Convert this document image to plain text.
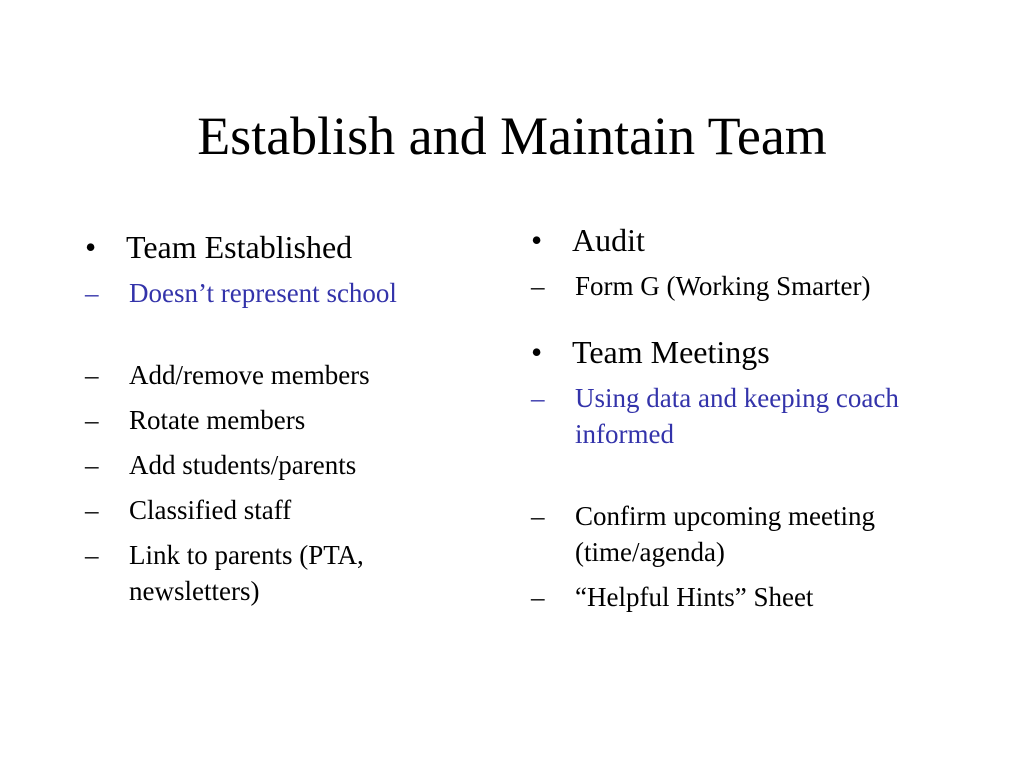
Establish and Maintain Team
• Team Established
– Doesn’t represent school
– Add/remove members
– Rotate members
– Add students/parents
– Classified staff
– Link to parents (PTA, newsletters)
• Audit
– Form G (Working Smarter)
• Team Meetings
– Using data and keeping coach informed
– Confirm upcoming meeting (time/agenda)
– “Helpful Hints” Sheet
